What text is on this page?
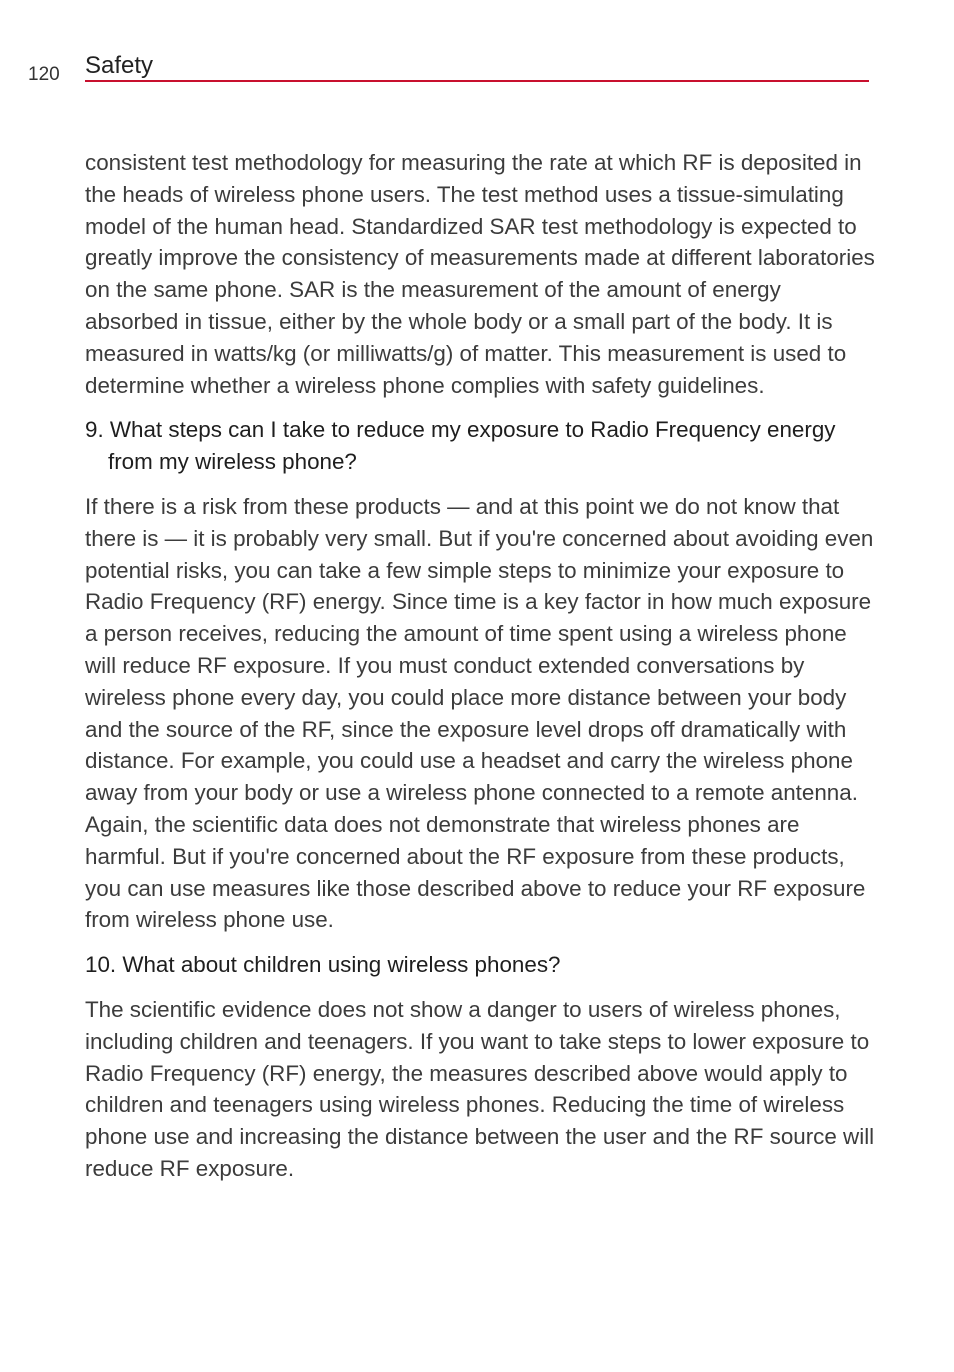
120 Safety

consistent test methodology for measuring the rate at which RF is deposited in the heads of wireless phone users. The test method uses a tissue-simulating model of the human head. Standardized SAR test methodology is expected to greatly improve the consistency of measurements made at different laboratories on the same phone. SAR is the measurement of the amount of energy absorbed in tissue, either by the whole body or a small part of the body. It is measured in watts/kg (or milliwatts/g) of matter. This measurement is used to determine whether a wireless phone complies with safety guidelines.

9. What steps can I take to reduce my exposure to Radio Frequency energy from my wireless phone?

If there is a risk from these products — and at this point we do not know that there is — it is probably very small. But if you're concerned about avoiding even potential risks, you can take a few simple steps to minimize your exposure to Radio Frequency (RF) energy. Since time is a key factor in how much exposure a person receives, reducing the amount of time spent using a wireless phone will reduce RF exposure. If you must conduct extended conversations by wireless phone every day, you could place more distance between your body and the source of the RF, since the exposure level drops off dramatically with distance. For example, you could use a headset and carry the wireless phone away from your body or use a wireless phone connected to a remote antenna. Again, the scientific data does not demonstrate that wireless phones are harmful. But if you're concerned about the RF exposure from these products, you can use measures like those described above to reduce your RF exposure from wireless phone use.

10. What about children using wireless phones?

The scientific evidence does not show a danger to users of wireless phones, including children and teenagers. If you want to take steps to lower exposure to Radio Frequency (RF) energy, the measures described above would apply to children and teenagers using wireless phones. Reducing the time of wireless phone use and increasing the distance between the user and the RF source will reduce RF exposure.
